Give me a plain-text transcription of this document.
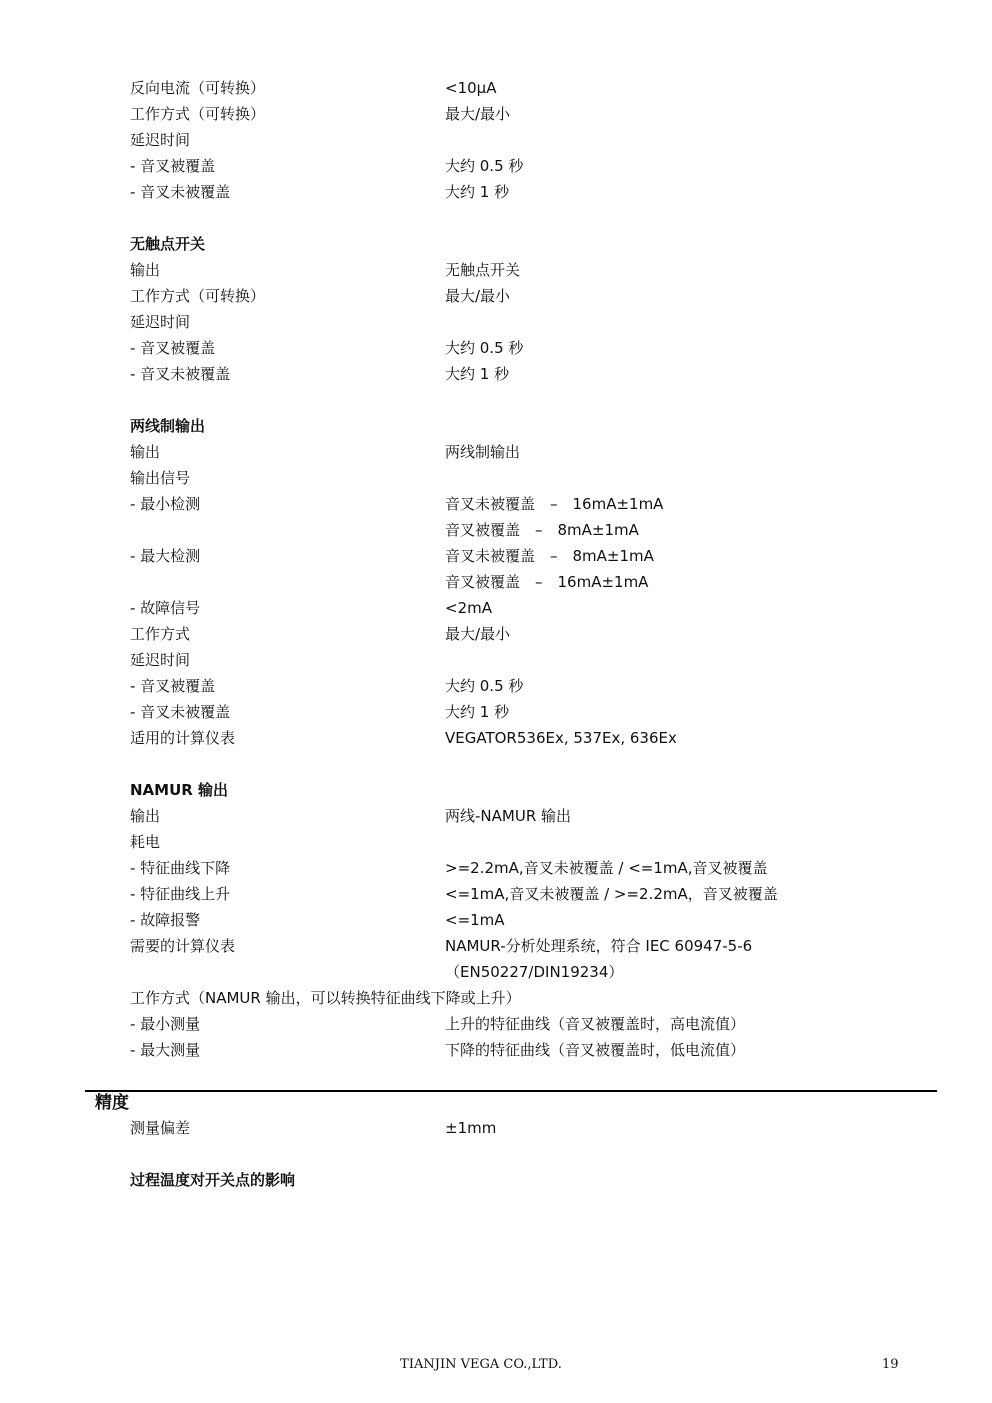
反向电流（可转换）	<10µA
工作方式（可转换）	最大/最小
延迟时间
- 音叉被覆盖	大约 0.5 秒
- 音叉未被覆盖	大约 1 秒
无触点开关
输出	无触点开关
工作方式（可转换）	最大/最小
延迟时间
- 音叉被覆盖	大约 0.5 秒
- 音叉未被覆盖	大约 1 秒
两线制输出
输出	两线制输出
输出信号
- 最小检测	音叉未被覆盖　–　16mA±1mA
音叉被覆盖　–　8mA±1mA
- 最大检测	音叉未被覆盖　–　8mA±1mA
音叉被覆盖　–　16mA±1mA
- 故障信号	<2mA
工作方式	最大/最小
延迟时间
- 音叉被覆盖	大约 0.5 秒
- 音叉未被覆盖	大约 1 秒
适用的计算仪表	VEGATOR536Ex, 537Ex, 636Ex
NAMUR 输出
输出	两线-NAMUR 输出
耗电
- 特征曲线下降	>=2.2mA,音叉未被覆盖 / <=1mA,音叉被覆盖
- 特征曲线上升	<=1mA,音叉未被覆盖 / >=2.2mA，音叉被覆盖
- 故障报警	<=1mA
需要的计算仪表	NAMUR-分析处理系统，符合 IEC 60947-5-6
（EN50227/DIN19234）
工作方式（NAMUR 输出，可以转换特征曲线下降或上升）
- 最小测量	上升的特征曲线（音叉被覆盖时，高电流值）
- 最大测量	下降的特征曲线（音叉被覆盖时，低电流值）
精度
测量偏差	±1mm
过程温度对开关点的影响
TIANJIN VEGA CO.,LTD.	19
